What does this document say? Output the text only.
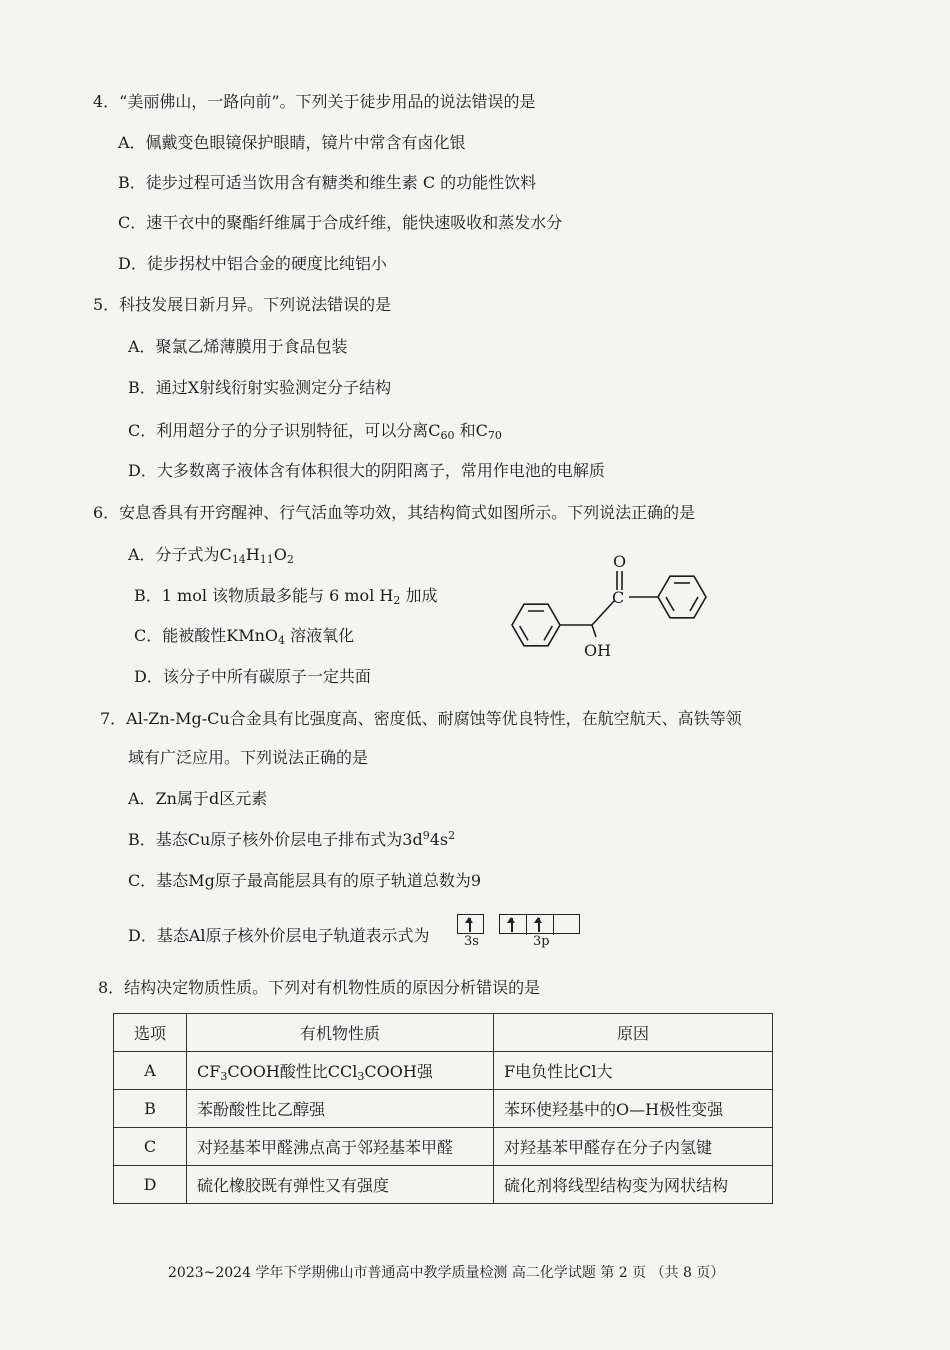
4．“美丽佛山，一路向前”。下列关于徒步用品的说法错误的是
A．佩戴变色眼镜保护眼睛，镜片中常含有卤化银
B．徒步过程可适当饮用含有糖类和维生素 C 的功能性饮料
C．速干衣中的聚酯纤维属于合成纤维，能快速吸收和蒸发水分
D．徒步拐杖中铝合金的硬度比纯铝小
5．科技发展日新月异。下列说法错误的是
A．聚氯乙烯薄膜用于食品包装
B．通过X射线衍射实验测定分子结构
C．利用超分子的分子识别特征，可以分离$C_{60}$ 和$C_{70}$
D．大多数离子液体含有体积很大的阴阳离子，常用作电池的电解质
6．安息香具有开窍醒神、行气活血等功效，其结构简式如图所示。下列说法正确的是
A．分子式为$C_{14}H_{11}O_2$
B．1 mol 该物质最多能与 6 mol $H_2$ 加成
C．能被酸性KMnO$_4$ 溶液氧化
D．该分子中所有碳原子一定共面
O
C
OH
7．Al-Zn-Mg-Cu合金具有比强度高、密度低、耐腐蚀等优良特性，在航空航天、高铁等领
域有广泛应用。下列说法正确的是
A．Zn属于d区元素
B．基态Cu原子核外价层电子排布式为$3d^94s^2$
C．基态Mg原子最高能层具有的原子轨道总数为9
D．基态Al原子核外价层电子轨道表示式为	3s	3p
8．结构决定物质性质。下列对有机物性质的原因分析错误的是
选项	有机物性质	原因
A	$CF_3COOH$酸性比CCl$_3$COOH强	F电负性比Cl大
B	苯酚酸性比乙醇强	苯环使羟基中的O—H极性变强
C	对羟基苯甲醛沸点高于邻羟基苯甲醛	对羟基苯甲醛存在分子内氢键
D	硫化橡胶既有弹性又有强度	硫化剂将线型结构变为网状结构
2023~2024 学年下学期佛山市普通高中教学质量检测 高二化学试题 第 2 页 （共 8 页）
